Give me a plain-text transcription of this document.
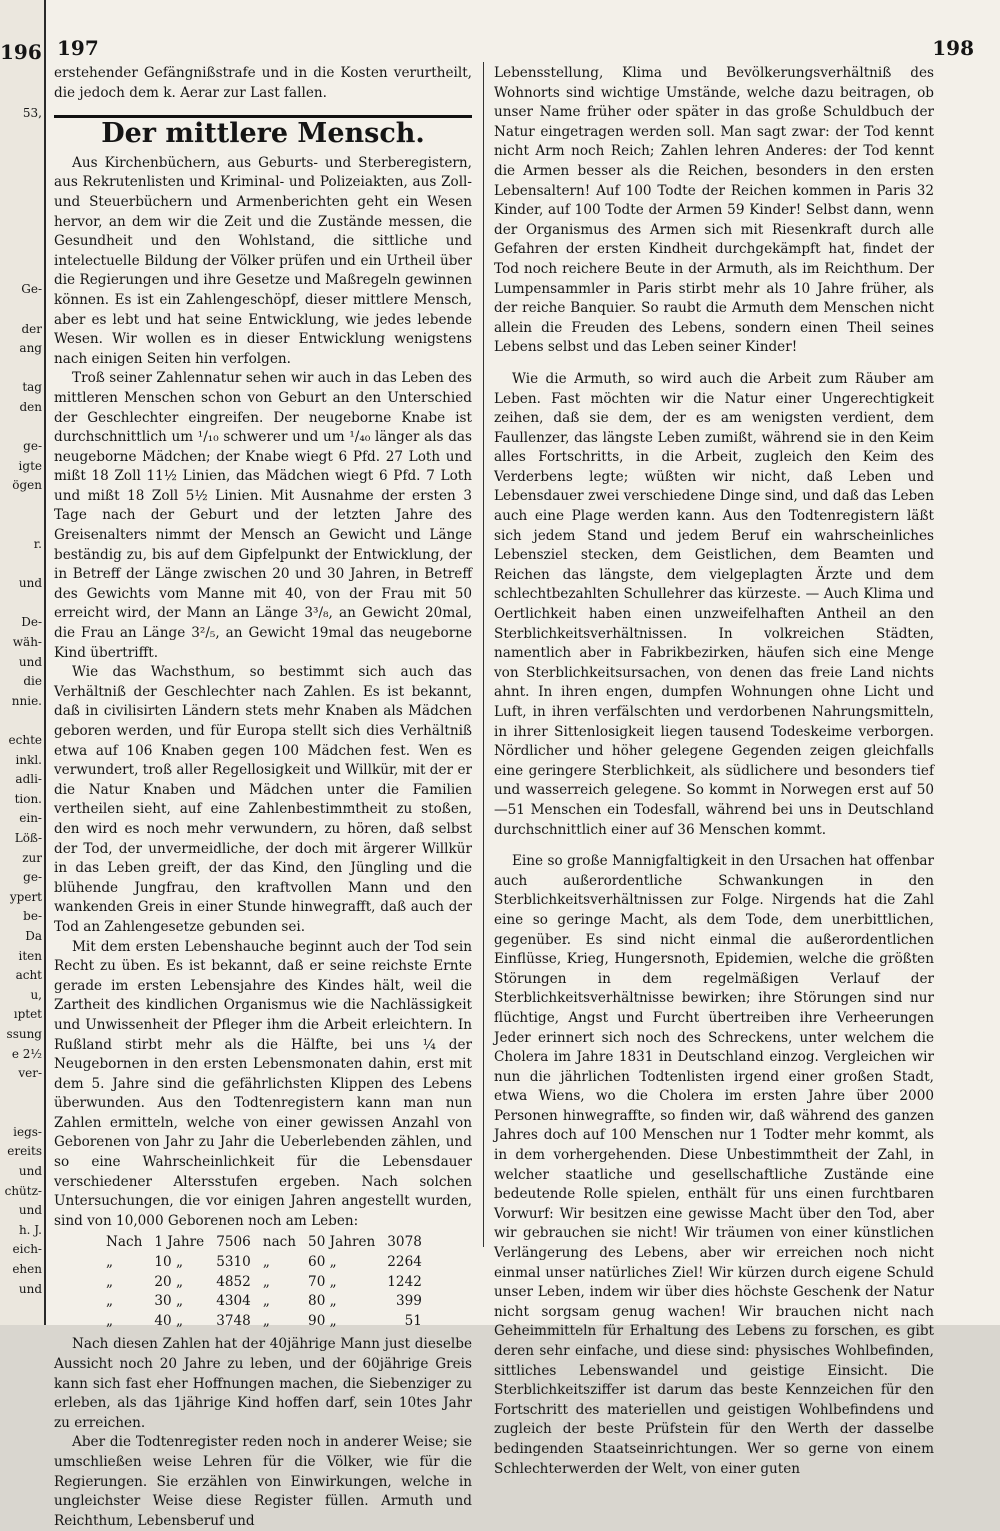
196
53,

Ge-

der
ang

tag
den

ge-
igte
ögen

r.

und

De-
wäh-
und
die
nnie.

echte
inkl.
adli-
tion.
ein-
Löß-
zur
ge-
ypert
be-
Da
iten
acht
u,
ıptet
ssung
e 2½
ver-

iegs-
ereits
und
chütz-
und
h. J.
eich-
ehen
und
197	198

erstehender Gefängnißstrafe und in die Kosten verurtheilt, die jedoch dem k. Aerar zur Last fallen.

Der mittlere Mensch.

Aus Kirchenbüchern, aus Geburts- und Sterberegistern, aus Rekrutenlisten und Kriminal- und Polizeiakten, aus Zoll- und Steuerbüchern und Armenberichten geht ein Wesen hervor, an dem wir die Zeit und die Zustände messen, die Gesundheit und den Wohlstand, die sittliche und intelectuelle Bildung der Völker prüfen und ein Urtheil über die Regierungen und ihre Gesetze und Maßregeln gewinnen können. Es ist ein Zahlengeschöpf, dieser mittlere Mensch, aber es lebt und hat seine Entwicklung, wie jedes lebende Wesen. Wir wollen es in dieser Entwicklung wenigstens nach einigen Seiten hin verfolgen.

Troß seiner Zahlennatur sehen wir auch in das Leben des mittleren Menschen schon von Geburt an den Unterschied der Geschlechter eingreifen. Der neugeborne Knabe ist durchschnittlich um ¹/₁₀ schwerer und um ¹/₄₀ länger als das neugeborne Mädchen; der Knabe wiegt 6 Pfd. 27 Loth und mißt 18 Zoll 11½ Linien, das Mädchen wiegt 6 Pfd. 7 Loth und mißt 18 Zoll 5½ Linien. Mit Ausnahme der ersten 3 Tage nach der Geburt und der letzten Jahre des Greisenalters nimmt der Mensch an Gewicht und Länge beständig zu, bis auf dem Gipfelpunkt der Entwicklung, der in Betreff der Länge zwischen 20 und 30 Jahren, in Betreff des Gewichts vom Manne mit 40, von der Frau mit 50 erreicht wird, der Mann an Länge 3³/₈, an Gewicht 20mal, die Frau an Länge 3²/₅, an Gewicht 19mal das neugeborne Kind übertrifft.

Wie das Wachsthum, so bestimmt sich auch das Verhältniß der Geschlechter nach Zahlen. Es ist bekannt, daß in civilisirten Ländern stets mehr Knaben als Mädchen geboren werden, und für Europa stellt sich dies Verhältniß etwa auf 106 Knaben gegen 100 Mädchen fest. Wen es verwundert, troß aller Regellosigkeit und Willkür, mit der er die Natur Knaben und Mädchen unter die Familien vertheilen sieht, auf eine Zahlenbestimmtheit zu stoßen, den wird es noch mehr verwundern, zu hören, daß selbst der Tod, der unvermeidliche, der doch mit ärgerer Willkür in das Leben greift, der das Kind, den Jüngling und die blühende Jungfrau, den kraftvollen Mann und den wankenden Greis in einer Stunde hinwegrafft, daß auch der Tod an Zahlengesetze gebunden sei.

Mit dem ersten Lebenshauche beginnt auch der Tod sein Recht zu üben. Es ist bekannt, daß er seine reichste Ernte gerade im ersten Lebensjahre des Kindes hält, weil die Zartheit des kindlichen Organismus wie die Nachlässigkeit und Unwissenheit der Pfleger ihm die Arbeit erleichtern. In Rußland stirbt mehr als die Hälfte, bei uns ¼ der Neugebornen in den ersten Lebensmonaten dahin, erst mit dem 5. Jahre sind die gefährlichsten Klippen des Lebens überwunden. Aus den Todtenregistern kann man nun Zahlen ermitteln, welche von einer gewissen Anzahl von Geborenen von Jahr zu Jahr die Ueberlebenden zählen, und so eine Wahrscheinlichkeit für die Lebensdauer verschiedener Altersstufen ergeben. Nach solchen Untersuchungen, die vor einigen Jahren angestellt wurden, sind von 10,000 Geborenen noch am Leben:

Nach	1 Jahre	7506	nach	50 Jahren	3078
„	10 „	5310	„	60 „	2264
„	20 „	4852	„	70 „	1242
„	30 „	4304	„	80 „	399
„	40 „	3748	„	90 „	51

Nach diesen Zahlen hat der 40jährige Mann just dieselbe Aussicht noch 20 Jahre zu leben, und der 60jährige Greis kann sich fast eher Hoffnungen machen, die Siebenziger zu erleben, als das 1jährige Kind hoffen darf, sein 10tes Jahr zu erreichen.

Aber die Todtenregister reden noch in anderer Weise; sie umschließen weise Lehren für die Völker, wie für die Regierungen. Sie erzählen von Einwirkungen, welche in ungleichster Weise diese Register füllen. Armuth und Reichthum, Lebensberuf und

Lebensstellung, Klima und Bevölkerungsverhältniß des Wohnorts sind wichtige Umstände, welche dazu beitragen, ob unser Name früher oder später in das große Schuldbuch der Natur eingetragen werden soll. Man sagt zwar: der Tod kennt nicht Arm noch Reich; Zahlen lehren Anderes: der Tod kennt die Armen besser als die Reichen, besonders in den ersten Lebensaltern! Auf 100 Todte der Reichen kommen in Paris 32 Kinder, auf 100 Todte der Armen 59 Kinder! Selbst dann, wenn der Organismus des Armen sich mit Riesenkraft durch alle Gefahren der ersten Kindheit durchgekämpft hat, findet der Tod noch reichere Beute in der Armuth, als im Reichthum. Der Lumpensammler in Paris stirbt mehr als 10 Jahre früher, als der reiche Banquier. So raubt die Armuth dem Menschen nicht allein die Freuden des Lebens, sondern einen Theil seines Lebens selbst und das Leben seiner Kinder!

Wie die Armuth, so wird auch die Arbeit zum Räuber am Leben. Fast möchten wir die Natur einer Ungerechtigkeit zeihen, daß sie dem, der es am wenigsten verdient, dem Faullenzer, das längste Leben zumißt, während sie in den Keim alles Fortschritts, in die Arbeit, zugleich den Keim des Verderbens legte; wüßten wir nicht, daß Leben und Lebensdauer zwei verschiedene Dinge sind, und daß das Leben auch eine Plage werden kann. Aus den Todtenregistern läßt sich jedem Stand und jedem Beruf ein wahrscheinliches Lebensziel stecken, dem Geistlichen, dem Beamten und Reichen das längste, dem vielgeplagten Ärzte und dem schlechtbezahlten Schullehrer das kürzeste. — Auch Klima und Oertlichkeit haben einen unzweifelhaften Antheil an den Sterblichkeitsverhältnissen. In volkreichen Städten, namentlich aber in Fabrikbezirken, häufen sich eine Menge von Sterblichkeitsursachen, von denen das freie Land nichts ahnt. In ihren engen, dumpfen Wohnungen ohne Licht und Luft, in ihren verfälschten und verdorbenen Nahrungsmitteln, in ihrer Sittenlosigkeit liegen tausend Todeskeime verborgen. Nördlicher und höher gelegene Gegenden zeigen gleichfalls eine geringere Sterblichkeit, als südlichere und besonders tief und wasserreich gelegene. So kommt in Norwegen erst auf 50—51 Menschen ein Todesfall, während bei uns in Deutschland durchschnittlich einer auf 36 Menschen kommt.

Eine so große Mannigfaltigkeit in den Ursachen hat offenbar auch außerordentliche Schwankungen in den Sterblichkeitsverhältnissen zur Folge. Nirgends hat die Zahl eine so geringe Macht, als dem Tode, dem unerbittlichen, gegenüber. Es sind nicht einmal die außerordentlichen Einflüsse, Krieg, Hungersnoth, Epidemien, welche die größten Störungen in dem regelmäßigen Verlauf der Sterblichkeitsverhältnisse bewirken; ihre Störungen sind nur flüchtige, Angst und Furcht übertreiben ihre Verheerungen Jeder erinnert sich noch des Schreckens, unter welchem die Cholera im Jahre 1831 in Deutschland einzog. Vergleichen wir nun die jährlichen Todtenlisten irgend einer großen Stadt, etwa Wiens, wo die Cholera im ersten Jahre über 2000 Personen hinwegraffte, so finden wir, daß während des ganzen Jahres doch auf 100 Menschen nur 1 Todter mehr kommt, als in dem vorhergehenden. Diese Unbestimmtheit der Zahl, in welcher staatliche und gesellschaftliche Zustände eine bedeutende Rolle spielen, enthält für uns einen furchtbaren Vorwurf: Wir besitzen eine gewisse Macht über den Tod, aber wir gebrauchen sie nicht! Wir träumen von einer künstlichen Verlängerung des Lebens, aber wir erreichen noch nicht einmal unser natürliches Ziel! Wir kürzen durch eigene Schuld unser Leben, indem wir über dies höchste Geschenk der Natur nicht sorgsam genug wachen! Wir brauchen nicht nach Geheimmitteln für Erhaltung des Lebens zu forschen, es gibt deren sehr einfache, und diese sind: physisches Wohlbefinden, sittliches Lebenswandel und geistige Einsicht. Die Sterblichkeitsziffer ist darum das beste Kennzeichen für den Fortschritt des materiellen und geistigen Wohlbefindens und zugleich der beste Prüfstein für den Werth der dasselbe bedingenden Staatseinrichtungen. Wer so gerne von einem Schlechterwerden der Welt, von einer guten
